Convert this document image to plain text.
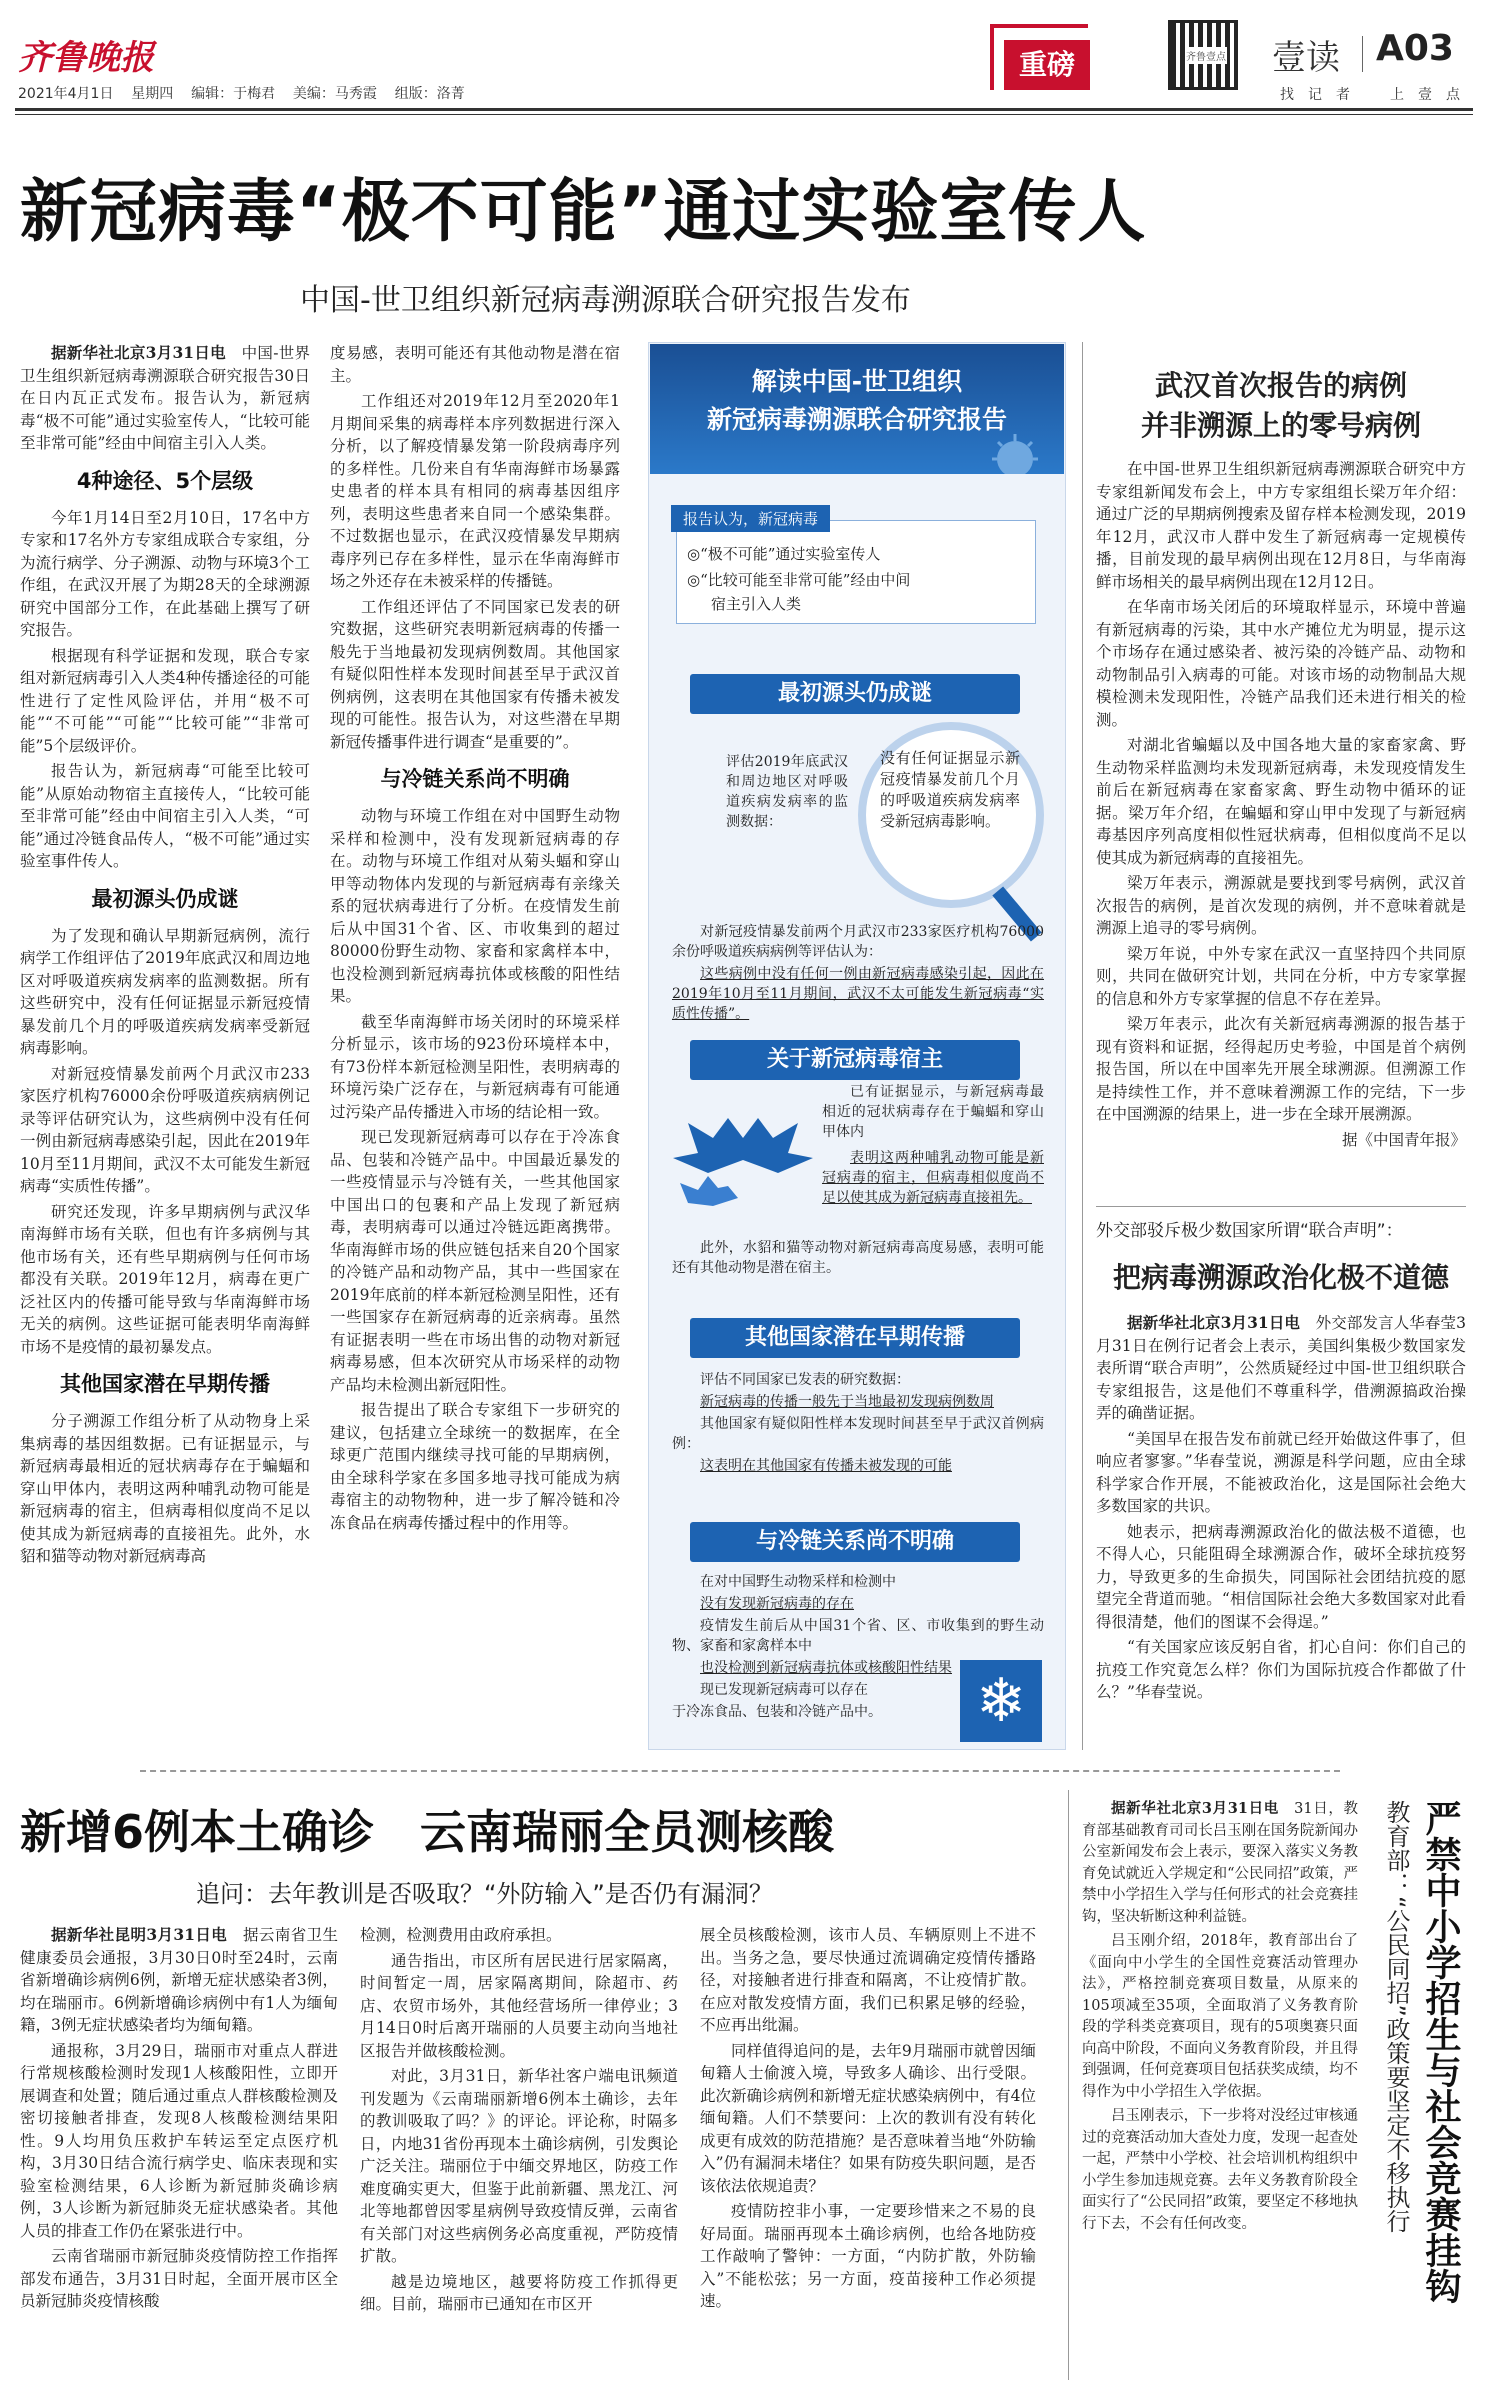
齐鲁晚报
2021年4月1日 星期四 编辑：于梅君 美编：马秀霞 组版：洛菁
重磅	齐鲁壹点 壹读 A03
找　记　者	上　壹　点
新冠病毒“极不可能”通过实验室传人
中国-世卫组织新冠病毒溯源联合研究报告发布

据新华社北京3月31日电　中国-世界卫生组织新冠病毒溯源联合研究报告30日在日内瓦正式发布。报告认为，新冠病毒“极不可能”通过实验室传人，“比较可能至非常可能”经由中间宿主引入人类。

4种途径、5个层级

今年1月14日至2月10日，17名中方专家和17名外方专家组成联合专家组，分为流行病学、分子溯源、动物与环境3个工作组，在武汉开展了为期28天的全球溯源研究中国部分工作，在此基础上撰写了研究报告。

根据现有科学证据和发现，联合专家组对新冠病毒引入人类4种传播途径的可能性进行了定性风险评估，并用“极不可能”“不可能”“可能”“比较可能”“非常可能”5个层级评价。

报告认为，新冠病毒“可能至比较可能”从原始动物宿主直接传人，“比较可能至非常可能”经由中间宿主引入人类，“可能”通过冷链食品传人，“极不可能”通过实验室事件传人。

最初源头仍成谜

为了发现和确认早期新冠病例，流行病学工作组评估了2019年底武汉和周边地区对呼吸道疾病发病率的监测数据。所有这些研究中，没有任何证据显示新冠疫情暴发前几个月的呼吸道疾病发病率受新冠病毒影响。

对新冠疫情暴发前两个月武汉市233家医疗机构76000余份呼吸道疾病病例记录等评估研究认为，这些病例中没有任何一例由新冠病毒感染引起，因此在2019年10月至11月期间，武汉不太可能发生新冠病毒“实质性传播”。

研究还发现，许多早期病例与武汉华南海鲜市场有关联，但也有许多病例与其他市场有关，还有些早期病例与任何市场都没有关联。2019年12月，病毒在更广泛社区内的传播可能导致与华南海鲜市场无关的病例。这些证据可能表明华南海鲜市场不是疫情的最初暴发点。

其他国家潜在早期传播

分子溯源工作组分析了从动物身上采集病毒的基因组数据。已有证据显示，与新冠病毒最相近的冠状病毒存在于蝙蝠和穿山甲体内，表明这两种哺乳动物可能是新冠病毒的宿主，但病毒相似度尚不足以使其成为新冠病毒的直接祖先。此外，水貂和猫等动物对新冠病毒高

度易感，表明可能还有其他动物是潜在宿主。

工作组还对2019年12月至2020年1月期间采集的病毒样本序列数据进行深入分析，以了解疫情暴发第一阶段病毒序列的多样性。几份来自有华南海鲜市场暴露史患者的样本具有相同的病毒基因组序列，表明这些患者来自同一个感染集群。不过数据也显示，在武汉疫情暴发早期病毒序列已存在多样性，显示在华南海鲜市场之外还存在未被采样的传播链。

工作组还评估了不同国家已发表的研究数据，这些研究表明新冠病毒的传播一般先于当地最初发现病例数周。其他国家有疑似阳性样本发现时间甚至早于武汉首例病例，这表明在其他国家有传播未被发现的可能性。报告认为，对这些潜在早期新冠传播事件进行调查“是重要的”。

与冷链关系尚不明确

动物与环境工作组在对中国野生动物采样和检测中，没有发现新冠病毒的存在。动物与环境工作组对从菊头蝠和穿山甲等动物体内发现的与新冠病毒有亲缘关系的冠状病毒进行了分析。在疫情发生前后从中国31个省、区、市收集到的超过80000份野生动物、家畜和家禽样本中，也没检测到新冠病毒抗体或核酸的阳性结果。

截至华南海鲜市场关闭时的环境采样分析显示，该市场的923份环境样本中，有73份样本新冠检测呈阳性，表明病毒的环境污染广泛存在，与新冠病毒有可能通过污染产品传播进入市场的结论相一致。

现已发现新冠病毒可以存在于冷冻食品、包装和冷链产品中。中国最近暴发的一些疫情显示与冷链有关，一些其他国家中国出口的包裹和产品上发现了新冠病毒，表明病毒可以通过冷链远距离携带。华南海鲜市场的供应链包括来自20个国家的冷链产品和动物产品，其中一些国家在2019年底前的样本新冠检测呈阳性，还有一些国家存在新冠病毒的近亲病毒。虽然有证据表明一些在市场出售的动物对新冠病毒易感，但本次研究从市场采样的动物产品均未检测出新冠阳性。

报告提出了联合专家组下一步研究的建议，包括建立全球统一的数据库，在全球更广范围内继续寻找可能的早期病例，由全球科学家在多国多地寻找可能成为病毒宿主的动物物种，进一步了解冷链和冷冻食品在病毒传播过程中的作用等。

解读中国-世卫组织
新冠病毒溯源联合研究报告
报告认为，新冠病毒
◎“极不可能”通过实验室传人
◎“比较可能至非常可能”经由中间
宿主引入人类
最初源头仍成谜

评估2019年底武汉和周边地区对呼吸道疾病发病率的监测数据：

没有任何证据显示新冠疫情暴发前几个月的呼吸道疾病发病率受新冠病毒影响。

对新冠疫情暴发前两个月武汉市233家医疗机构76000余份呼吸道疾病病例等评估认为：

这些病例中没有任何一例由新冠病毒感染引起，因此在2019年10月至11月期间，武汉不太可能发生新冠病毒“实质性传播”。

关于新冠病毒宿主

已有证据显示，与新冠病毒最相近的冠状病毒存在于蝙蝠和穿山甲体内

表明这两种哺乳动物可能是新冠病毒的宿主，但病毒相似度尚不足以使其成为新冠病毒直接祖先。

此外，水貂和猫等动物对新冠病毒高度易感，表明可能还有其他动物是潜在宿主。

其他国家潜在早期传播

评估不同国家已发表的研究数据：

新冠病毒的传播一般先于当地最初发现病例数周

其他国家有疑似阳性样本发现时间甚至早于武汉首例病例：

这表明在其他国家有传播未被发现的可能

与冷链关系尚不明确

在对中国野生动物采样和检测中

没有发现新冠病毒的存在

疫情发生前后从中国31个省、区、市收集到的野生动物、家畜和家禽样本中

也没检测到新冠病毒抗体或核酸阳性结果

现已发现新冠病毒可以存在

于冷冻食品、包装和冷链产品中。	❄
武汉首次报告的病例
并非溯源上的零号病例

在中国-世界卫生组织新冠病毒溯源联合研究中方专家组新闻发布会上，中方专家组组长梁万年介绍：通过广泛的早期病例搜索及留存样本检测发现，2019年12月，武汉市人群中发生了新冠病毒一定规模传播，目前发现的最早病例出现在12月8日，与华南海鲜市场相关的最早病例出现在12月12日。

在华南市场关闭后的环境取样显示，环境中普遍有新冠病毒的污染，其中水产摊位尤为明显，提示这个市场存在通过感染者、被污染的冷链产品、动物和动物制品引入病毒的可能。对该市场的动物制品大规模检测未发现阳性，冷链产品我们还未进行相关的检测。

对湖北省蝙蝠以及中国各地大量的家畜家禽、野生动物采样监测均未发现新冠病毒，未发现疫情发生前后在新冠病毒在家畜家禽、野生动物中循环的证据。梁万年介绍，在蝙蝠和穿山甲中发现了与新冠病毒基因序列高度相似性冠状病毒，但相似度尚不足以使其成为新冠病毒的直接祖先。

梁万年表示，溯源就是要找到零号病例，武汉首次报告的病例，是首次发现的病例，并不意味着就是溯源上追寻的零号病例。

梁万年说，中外专家在武汉一直坚持四个共同原则，共同在做研究计划，共同在分析，中方专家掌握的信息和外方专家掌握的信息不存在差异。

梁万年表示，此次有关新冠病毒溯源的报告基于现有资料和证据，经得起历史考验，中国是首个病例报告国，所以在中国率先开展全球溯源。但溯源工作是持续性工作，并不意味着溯源工作的完结，下一步在中国溯源的结果上，进一步在全球开展溯源。

据《中国青年报》

外交部驳斥极少数国家所谓“联合声明”：
把病毒溯源政治化极不道德

据新华社北京3月31日电　外交部发言人华春莹3月31日在例行记者会上表示，美国纠集极少数国家发表所谓“联合声明”，公然质疑经过中国-世卫组织联合专家组报告，这是他们不尊重科学，借溯源搞政治操弄的确凿证据。

“美国早在报告发布前就已经开始做这件事了，但响应者寥寥。”华春莹说，溯源是科学问题，应由全球科学家合作开展，不能被政治化，这是国际社会绝大多数国家的共识。

她表示，把病毒溯源政治化的做法极不道德，也不得人心，只能阻碍全球溯源合作，破坏全球抗疫努力，导致更多的生命损失，同国际社会团结抗疫的愿望完全背道而驰。“相信国际社会绝大多数国家对此看得很清楚，他们的图谋不会得逞。”

“有关国家应该反躬自省，扪心自问：你们自己的抗疫工作究竟怎么样？你们为国际抗疫合作都做了什么？”华春莹说。

新增6例本土确诊　云南瑞丽全员测核酸
追问：去年教训是否吸取？“外防输入”是否仍有漏洞？

据新华社昆明3月31日电　据云南省卫生健康委员会通报，3月30日0时至24时，云南省新增确诊病例6例，新增无症状感染者3例，均在瑞丽市。6例新增确诊病例中有1人为缅甸籍，3例无症状感染者均为缅甸籍。

通报称，3月29日，瑞丽市对重点人群进行常规核酸检测时发现1人核酸阳性，立即开展调查和处置；随后通过重点人群核酸检测及密切接触者排查，发现8人核酸检测结果阳性。9人均用负压救护车转运至定点医疗机构，3月30日结合流行病学史、临床表现和实验室检测结果，6人诊断为新冠肺炎确诊病例，3人诊断为新冠肺炎无症状感染者。其他人员的排查工作仍在紧张进行中。

云南省瑞丽市新冠肺炎疫情防控工作指挥部发布通告，3月31日时起，全面开展市区全员新冠肺炎疫情核酸

检测，检测费用由政府承担。

通告指出，市区所有居民进行居家隔离，时间暂定一周，居家隔离期间，除超市、药店、农贸市场外，其他经营场所一律停业；3月14日0时后离开瑞丽的人员要主动向当地社区报告并做核酸检测。

对此，3月31日，新华社客户端电讯频道刊发题为《云南瑞丽新增6例本土确诊，去年的教训吸取了吗？》的评论。评论称，时隔多日，内地31省份再现本土确诊病例，引发舆论广泛关注。瑞丽位于中缅交界地区，防疫工作难度确实更大，但鉴于此前新疆、黑龙江、河北等地都曾因零星病例导致疫情反弹，云南省有关部门对这些病例务必高度重视，严防疫情扩散。

越是边境地区，越要将防疫工作抓得更细。目前，瑞丽市已通知在市区开

展全员核酸检测，该市人员、车辆原则上不进不出。当务之急，要尽快通过流调确定疫情传播路径，对接触者进行排查和隔离，不让疫情扩散。在应对散发疫情方面，我们已积累足够的经验，不应再出纰漏。

同样值得追问的是，去年9月瑞丽市就曾因缅甸籍人士偷渡入境，导致多人确诊、出行受限。此次新确诊病例和新增无症状感染病例中，有4位缅甸籍。人们不禁要问：上次的教训有没有转化成更有成效的防范措施？是否意味着当地“外防输入”仍有漏洞未堵住？如果有防疫失职问题，是否该依法依规追责？

疫情防控非小事，一定要珍惜来之不易的良好局面。瑞丽再现本土确诊病例，也给各地防疫工作敲响了警钟：一方面，“内防扩散，外防输入”不能松弦；另一方面，疫苗接种工作必须提速。

据新华社北京3月31日电　31日，教育部基础教育司司长吕玉刚在国务院新闻办公室新闻发布会上表示，要深入落实义务教育免试就近入学规定和“公民同招”政策，严禁中小学招生入学与任何形式的社会竞赛挂钩，坚决斩断这种利益链。

吕玉刚介绍，2018年，教育部出台了《面向中小学生的全国性竞赛活动管理办法》，严格控制竞赛项目数量，从原来的105项减至35项，全面取消了义务教育阶段的学科类竞赛项目，现有的5项奥赛只面向高中阶段，不面向义务教育阶段，并且得到强调，任何竞赛项目包括获奖成绩，均不得作为中小学招生入学依据。

吕玉刚表示，下一步将对没经过审核通过的竞赛活动加大查处力度，发现一起查处一起，严禁中小学校、社会培训机构组织中小学生参加违规竞赛。去年义务教育阶段全面实行了“公民同招”政策，要坚定不移地执行下去，不会有任何改变。	严禁中小学招生与社会竞赛挂钩
教育部：“公民同招”政策要坚定不移执行
